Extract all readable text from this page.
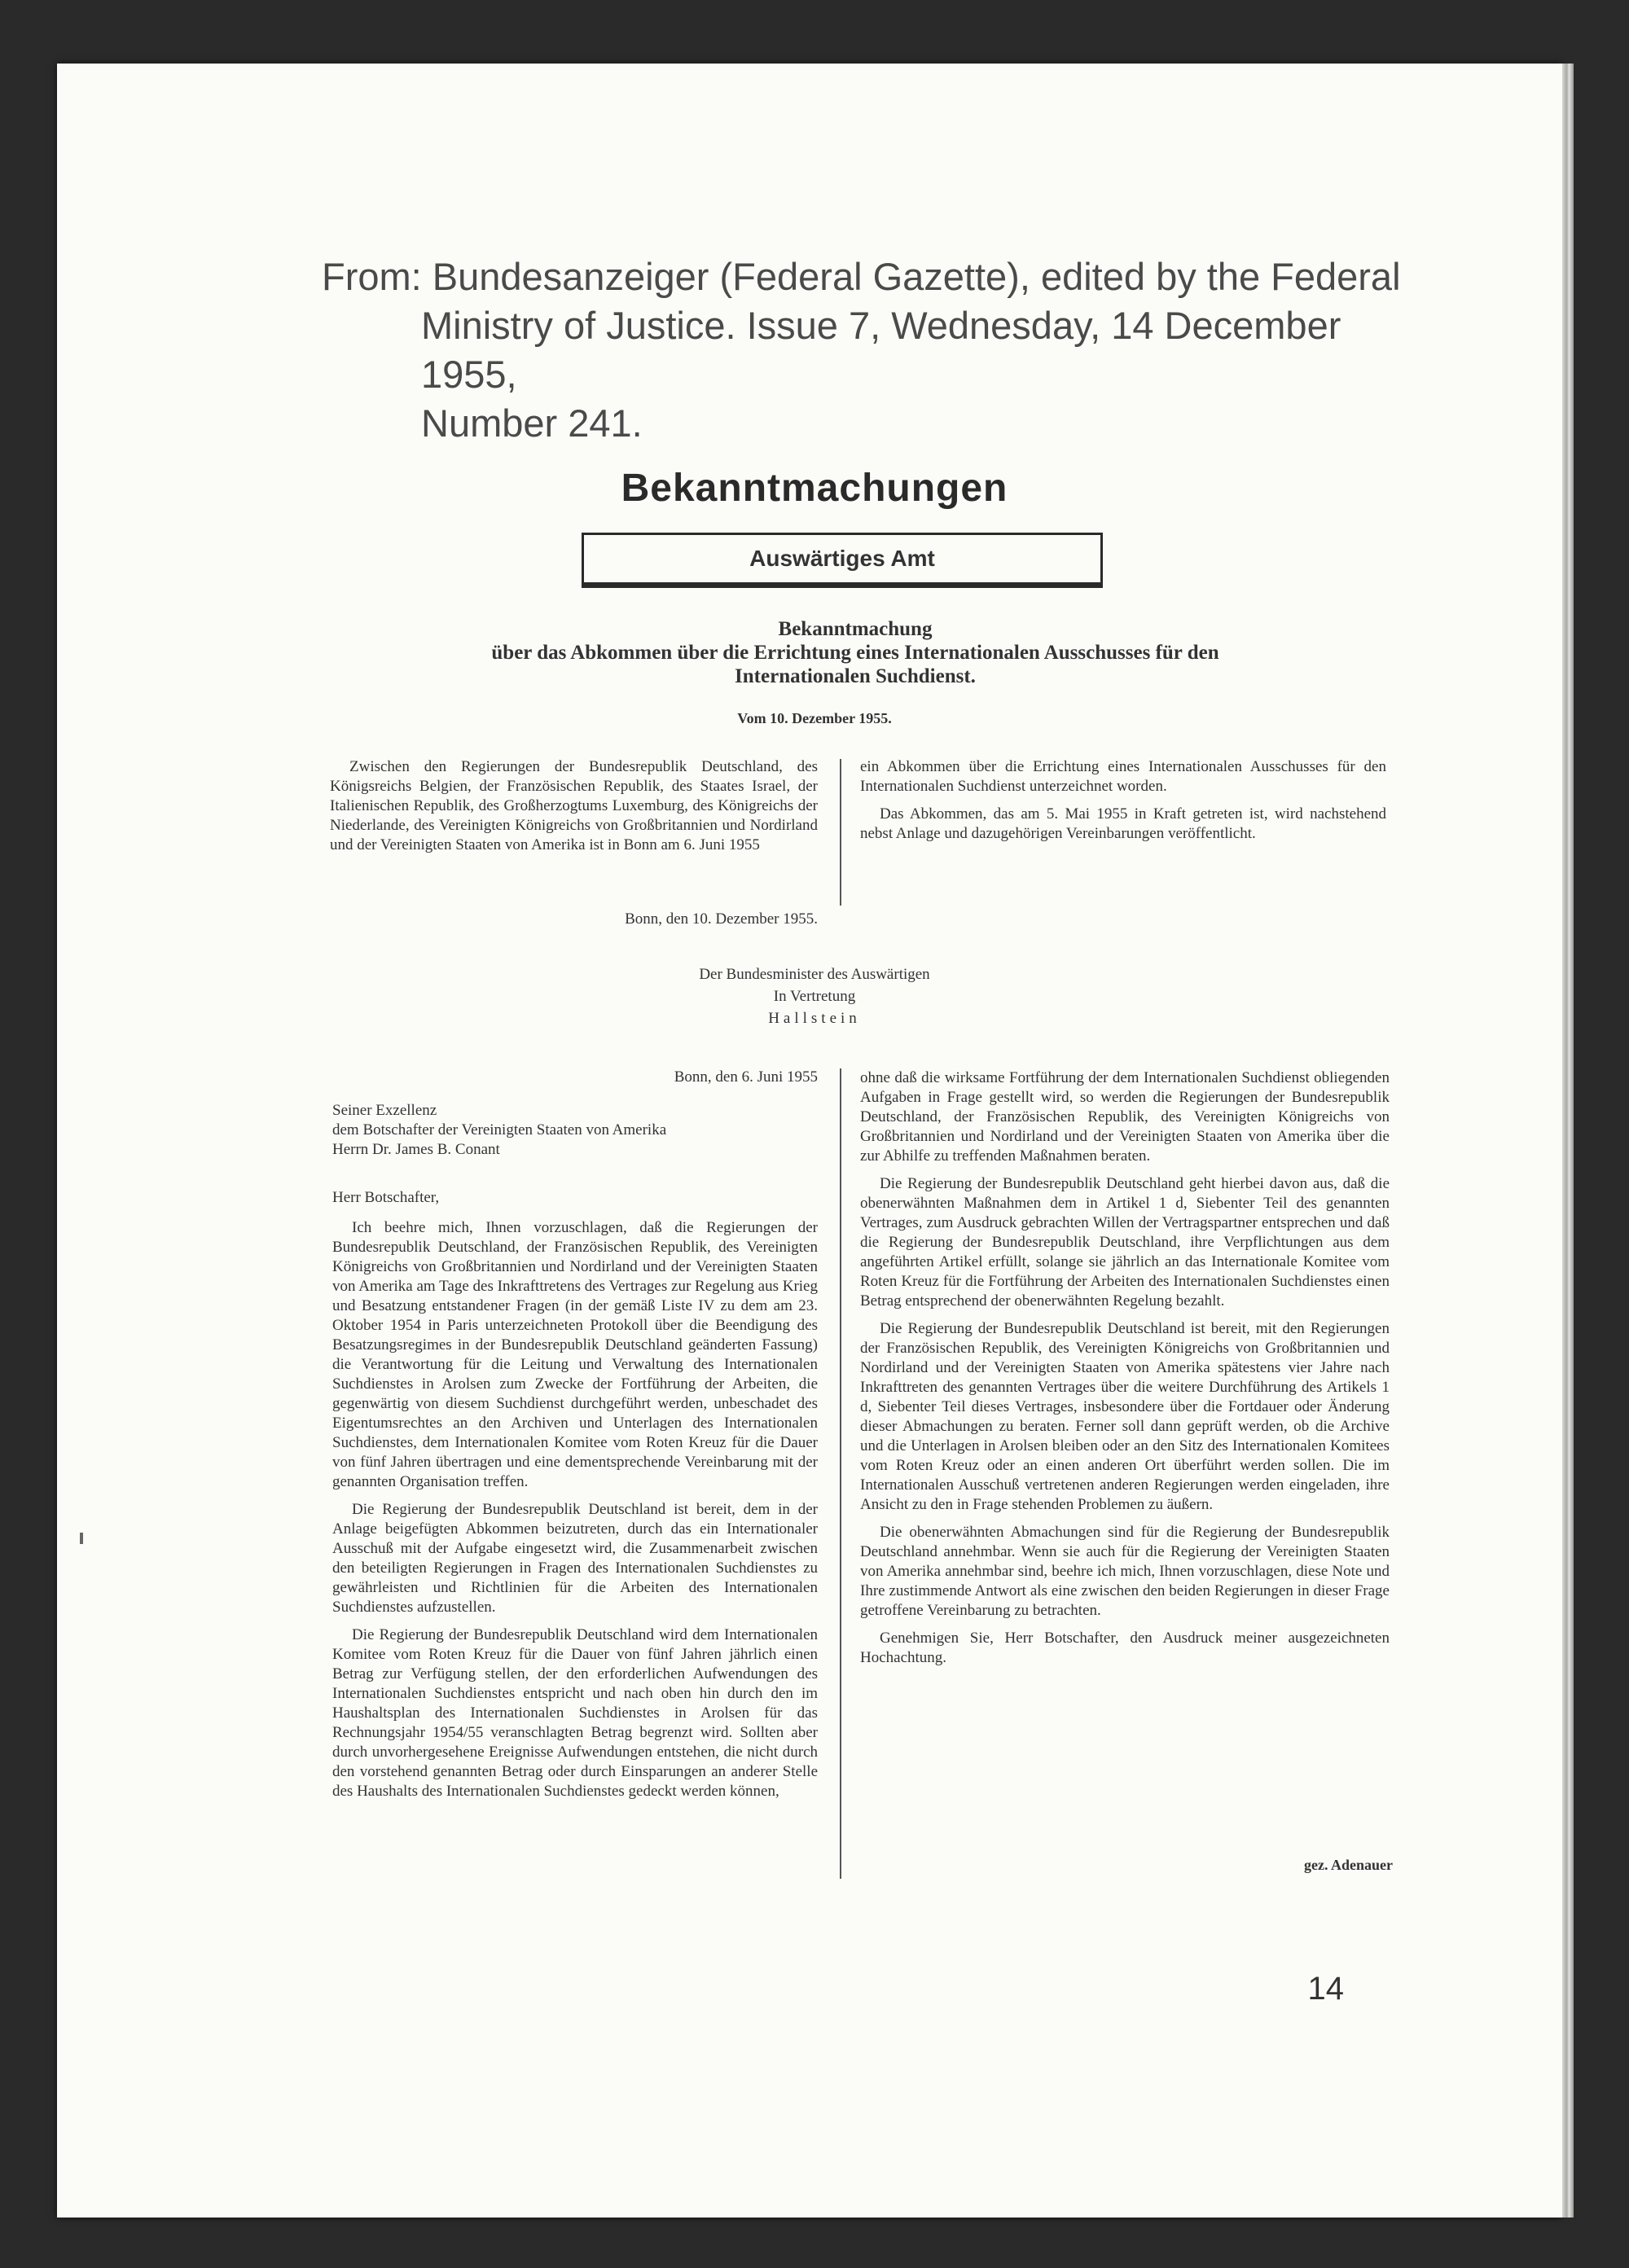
From: Bundesanzeiger (Federal Gazette), edited by the Federal
Ministry of Justice. Issue 7, Wednesday, 14 December 1955,
Number 241.

Bekanntmachungen
Auswärtiges Amt
Bekanntmachung
über das Abkommen über die Errichtung eines Internationalen Ausschusses für den
Internationalen Suchdienst.
Vom 10. Dezember 1955.

Zwischen den Regierungen der Bundesrepublik Deutschland, des Königsreichs Belgien, der Französischen Republik, des Staates Israel, der Italienischen Republik, des Großherzogtums Luxemburg, des Königreichs der Niederlande, des Vereinigten Königreichs von Großbritannien und Nordirland und der Vereinigten Staaten von Amerika ist in Bonn am 6. Juni 1955

ein Abkommen über die Errichtung eines Internationalen Ausschusses für den Internationalen Suchdienst unterzeichnet worden.

Das Abkommen, das am 5. Mai 1955 in Kraft getreten ist, wird nachstehend nebst Anlage und dazugehörigen Vereinbarungen veröffentlicht.

Bonn, den 10. Dezember 1955.
Der Bundesminister des Auswärtigen
In Vertretung
Hallstein
Bonn, den 6. Juni 1955
Seiner Exzellenz
dem Botschafter der Vereinigten Staaten von Amerika
Herrn Dr. James B. Conant
Herr Botschafter,

Ich beehre mich, Ihnen vorzuschlagen, daß die Regierungen der Bundesrepublik Deutschland, der Französischen Republik, des Vereinigten Königreichs von Großbritannien und Nordirland und der Vereinigten Staaten von Amerika am Tage des Inkrafttretens des Vertrages zur Regelung aus Krieg und Besatzung entstandener Fragen (in der gemäß Liste IV zu dem am 23. Oktober 1954 in Paris unterzeichneten Protokoll über die Beendigung des Besatzungsregimes in der Bundesrepublik Deutschland geänderten Fassung) die Verantwortung für die Leitung und Verwaltung des Internationalen Suchdienstes in Arolsen zum Zwecke der Fortführung der Arbeiten, die gegenwärtig von diesem Suchdienst durchgeführt werden, unbeschadet des Eigentumsrechtes an den Archiven und Unterlagen des Internationalen Suchdienstes, dem Internationalen Komitee vom Roten Kreuz für die Dauer von fünf Jahren übertragen und eine dementsprechende Vereinbarung mit der genannten Organisation treffen.

Die Regierung der Bundesrepublik Deutschland ist bereit, dem in der Anlage beigefügten Abkommen beizutreten, durch das ein Internationaler Ausschuß mit der Aufgabe eingesetzt wird, die Zusammenarbeit zwischen den beteiligten Regierungen in Fragen des Internationalen Suchdienstes zu gewährleisten und Richtlinien für die Arbeiten des Internationalen Suchdienstes aufzustellen.

Die Regierung der Bundesrepublik Deutschland wird dem Internationalen Komitee vom Roten Kreuz für die Dauer von fünf Jahren jährlich einen Betrag zur Verfügung stellen, der den erforderlichen Aufwendungen des Internationalen Suchdienstes entspricht und nach oben hin durch den im Haushaltsplan des Internationalen Suchdienstes in Arolsen für das Rechnungsjahr 1954/55 veranschlagten Betrag begrenzt wird. Sollten aber durch unvorhergesehene Ereignisse Aufwendungen entstehen, die nicht durch den vorstehend genannten Betrag oder durch Einsparungen an anderer Stelle des Haushalts des Internationalen Suchdienstes gedeckt werden können,

ohne daß die wirksame Fortführung der dem Internationalen Suchdienst obliegenden Aufgaben in Frage gestellt wird, so werden die Regierungen der Bundesrepublik Deutschland, der Französischen Republik, des Vereinigten Königreichs von Großbritannien und Nordirland und der Vereinigten Staaten von Amerika über die zur Abhilfe zu treffenden Maßnahmen beraten.

Die Regierung der Bundesrepublik Deutschland geht hierbei davon aus, daß die obenerwähnten Maßnahmen dem in Artikel 1 d, Siebenter Teil des genannten Vertrages, zum Ausdruck gebrachten Willen der Vertragspartner entsprechen und daß die Regierung der Bundesrepublik Deutschland, ihre Verpflichtungen aus dem angeführten Artikel erfüllt, solange sie jährlich an das Internationale Komitee vom Roten Kreuz für die Fortführung der Arbeiten des Internationalen Suchdienstes einen Betrag entsprechend der obenerwähnten Regelung bezahlt.

Die Regierung der Bundesrepublik Deutschland ist bereit, mit den Regierungen der Französischen Republik, des Vereinigten Königreichs von Großbritannien und Nordirland und der Vereinigten Staaten von Amerika spätestens vier Jahre nach Inkrafttreten des genannten Vertrages über die weitere Durchführung des Artikels 1 d, Siebenter Teil dieses Vertrages, insbesondere über die Fortdauer oder Änderung dieser Abmachungen zu beraten. Ferner soll dann geprüft werden, ob die Archive und die Unterlagen in Arolsen bleiben oder an den Sitz des Internationalen Komitees vom Roten Kreuz oder an einen anderen Ort überführt werden sollen. Die im Internationalen Ausschuß vertretenen anderen Regierungen werden eingeladen, ihre Ansicht zu den in Frage stehenden Problemen zu äußern.

Die obenerwähnten Abmachungen sind für die Regierung der Bundesrepublik Deutschland annehmbar. Wenn sie auch für die Regierung der Vereinigten Staaten von Amerika annehmbar sind, beehre ich mich, Ihnen vorzuschlagen, diese Note und Ihre zustimmende Antwort als eine zwischen den beiden Regierungen in dieser Frage getroffene Vereinbarung zu betrachten.

Genehmigen Sie, Herr Botschafter, den Ausdruck meiner ausgezeichneten Hochachtung.

gez. Adenauer
14
